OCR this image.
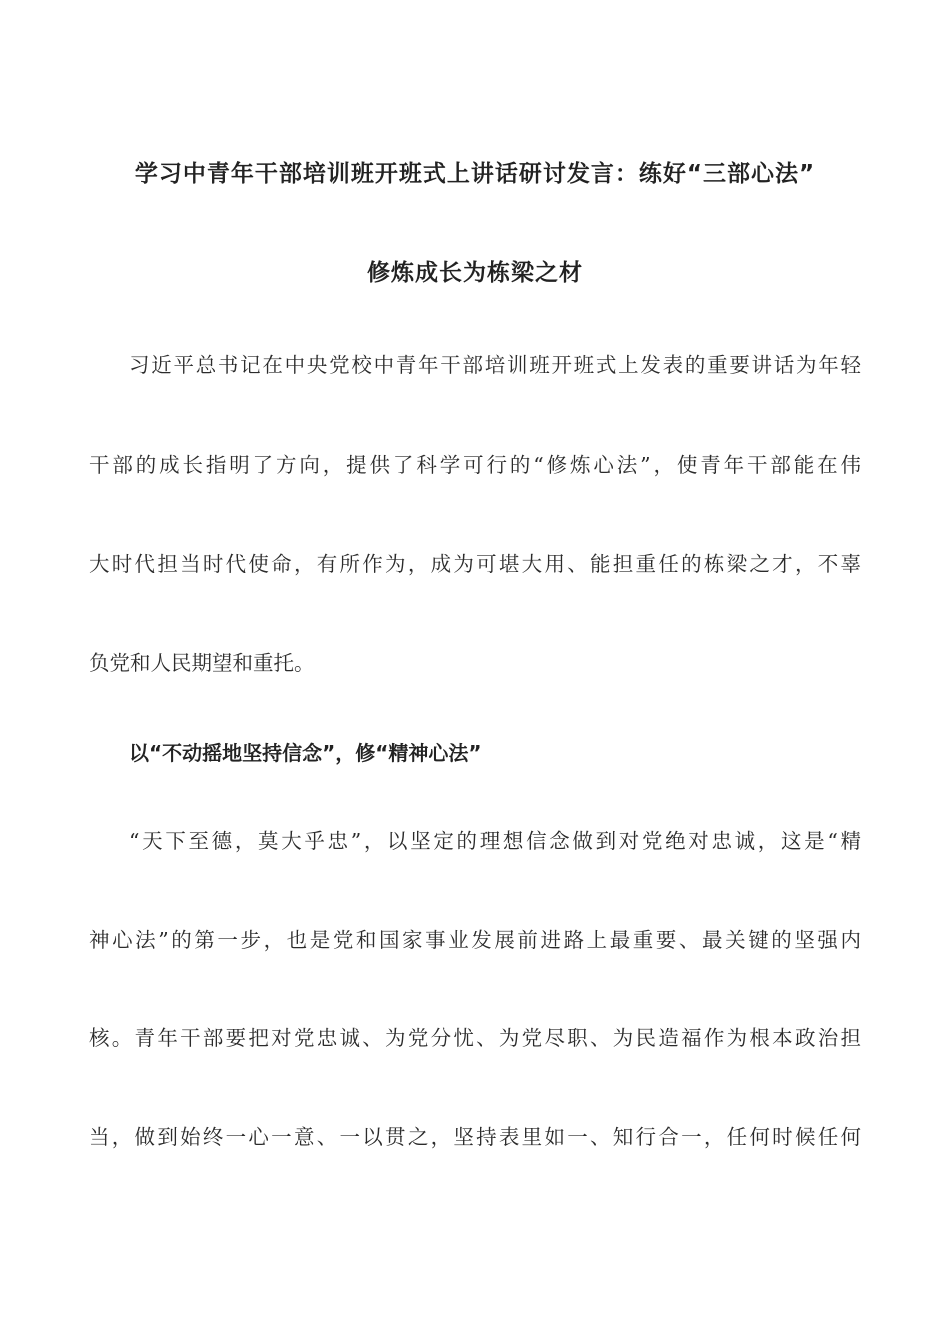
学习中青年干部培训班开班式上讲话研讨发言：练好“三部心法”
修炼成长为栋梁之材
习近平总书记在中央党校中青年干部培训班开班式上发表的重要讲话为年轻
干部的成长指明了方向，提供了科学可行的“修炼心法”，使青年干部能在伟
大时代担当时代使命，有所作为，成为可堪大用、能担重任的栋梁之才，不辜
负党和人民期望和重托。
以“不动摇地坚持信念”，修“精神心法”
“天下至德，莫大乎忠”，以坚定的理想信念做到对党绝对忠诚，这是“精
神心法”的第一步，也是党和国家事业发展前进路上最重要、最关键的坚强内
核。青年干部要把对党忠诚、为党分忧、为党尽职、为民造福作为根本政治担
当，做到始终一心一意、一以贯之，坚持表里如一、知行合一，任何时候任何
